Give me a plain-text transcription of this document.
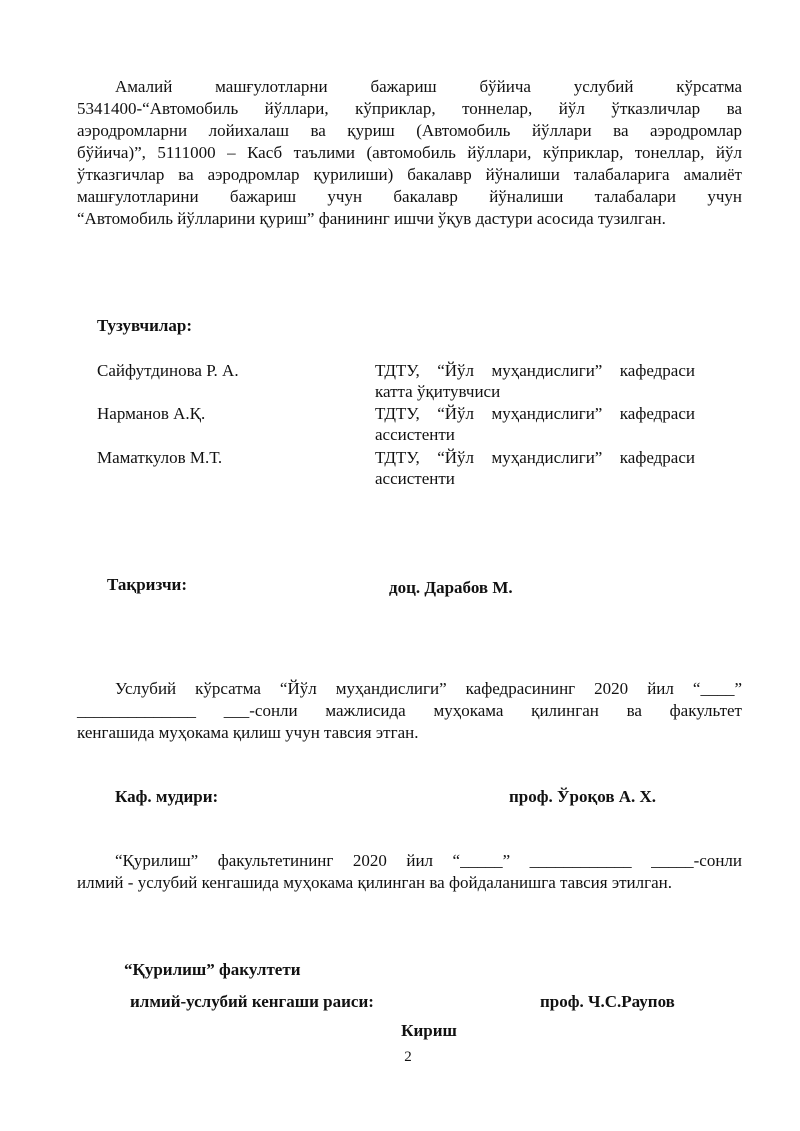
Амалий машғулотларни бажариш бўйича услубий кўрсатма
5341400-“Автомобиль йўллари, кўприклар, тоннелар, йўл ўтказличлар ва
аэродромларни лойихалаш ва қуриш (Автомобиль йўллари ва аэродромлар
бўйича)”, 5111000 – Касб таълими (автомобиль йўллари, кўприклар, тонеллар, йўл
ўтказгичлар ва аэродромлар қурилиши) бакалавр йўналиши талабаларига амалиёт
машғулотларини бажариш учун бакалавр йўналиши талабалари учун
“Автомобиль йўлларини қуриш” фанининг ишчи ўқув дастури асосида тузилган.
Тузувчилар:
Сайфутдинова Р. А.	ТДТУ, “Йўл муҳандислиги” кафедраси
катта ўқитувчиси
Нарманов А.Қ.	ТДТУ, “Йўл муҳандислиги” кафедраси
ассистенти
Маматкулов М.Т.	ТДТУ, “Йўл муҳандислиги” кафедраси
ассистенти
Тақризчи:	доц. Дарабов М.
Услубий кўрсатма “Йўл муҳандислиги” кафедрасининг 2020 йил “____”
______________ ___-сонли мажлисида муҳокама қилинган ва факультет
кенгашида муҳокама қилиш учун тавсия этган.
Каф. мудири:	проф. Ўроқов А. Х.
“Қурилиш” факультетининг 2020 йил “_____” ____________ _____-сонли
илмий - услубий кенгашида муҳокама қилинган ва фойдаланишга тавсия этилган.
“Қурилиш” факултети
илмий-услубий кенгаши раиси:	проф. Ч.С.Раупов
Кириш
2
